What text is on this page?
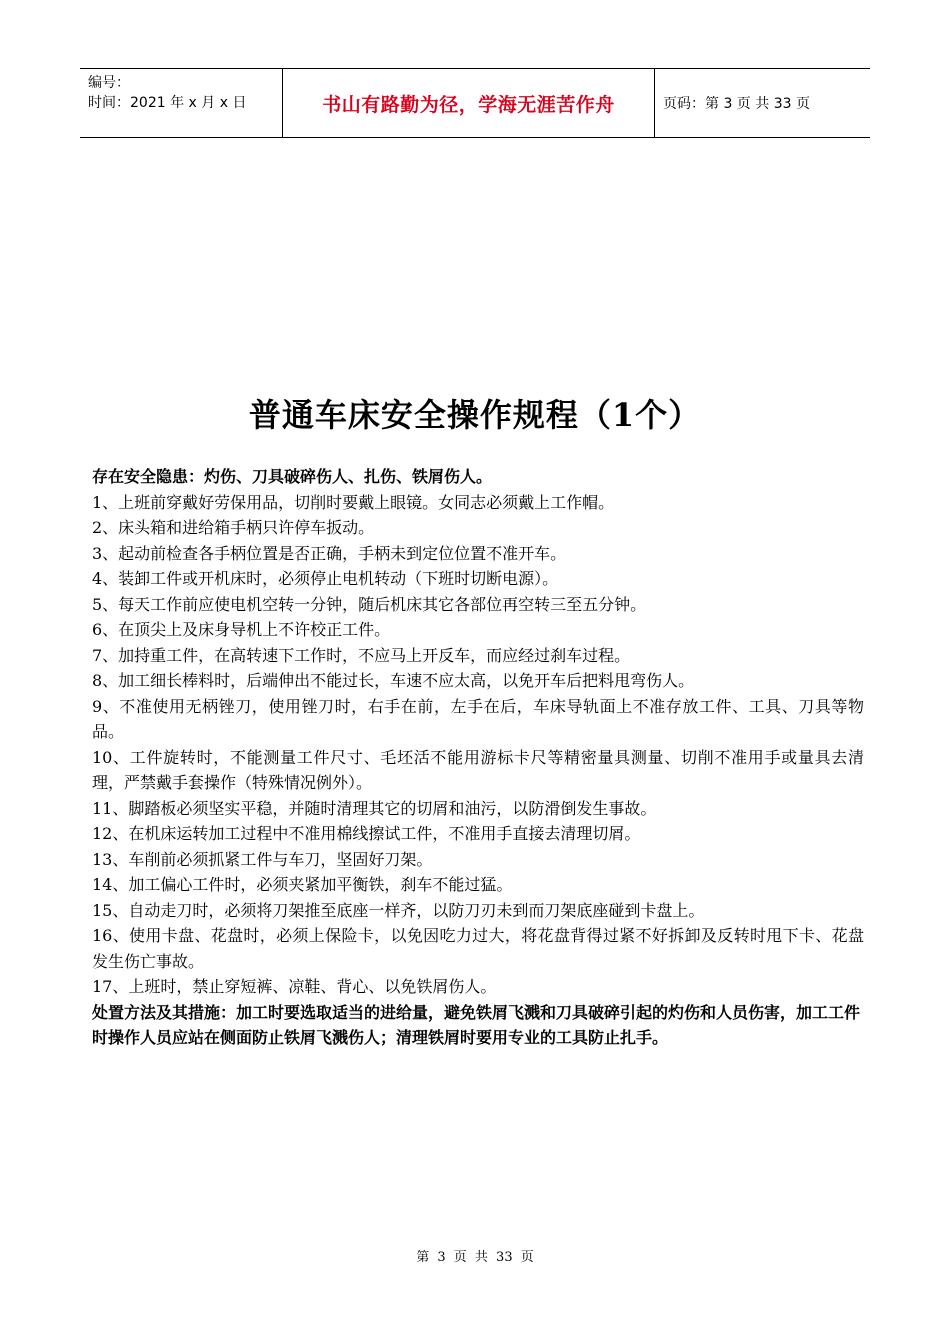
编号：
时间：2021 年 x 月 x 日	书山有路勤为径，学海无涯苦作舟	页码：第 3 页 共 33 页
普通车床安全操作规程（1个）

存在安全隐患：灼伤、刀具破碎伤人、扎伤、铁屑伤人。

1、上班前穿戴好劳保用品，切削时要戴上眼镜。女同志必须戴上工作帽。

2、床头箱和进给箱手柄只许停车扳动。

3、起动前检查各手柄位置是否正确，手柄未到定位位置不准开车。

4、装卸工件或开机床时，必须停止电机转动（下班时切断电源）。

5、每天工作前应使电机空转一分钟，随后机床其它各部位再空转三至五分钟。

6、在顶尖上及床身导机上不许校正工件。

7、加持重工件，在高转速下工作时，不应马上开反车，而应经过刹车过程。

8、加工细长棒料时，后端伸出不能过长，车速不应太高，以免开车后把料甩弯伤人。

9、不准使用无柄锉刀，使用锉刀时，右手在前，左手在后，车床导轨面上不准存放工件、工具、刀具等物品。

10、工件旋转时，不能测量工件尺寸、毛坯活不能用游标卡尺等精密量具测量、切削不准用手或量具去清理，严禁戴手套操作（特殊情况例外）。

11、脚踏板必须坚实平稳，并随时清理其它的切屑和油污，以防滑倒发生事故。

12、在机床运转加工过程中不准用棉线擦试工件，不准用手直接去清理切屑。

13、车削前必须抓紧工件与车刀，坚固好刀架。

14、加工偏心工件时，必须夹紧加平衡铁，刹车不能过猛。

15、自动走刀时，必须将刀架推至底座一样齐，以防刀刃未到而刀架底座碰到卡盘上。

16、使用卡盘、花盘时，必须上保险卡，以免因吃力过大，将花盘背得过紧不好拆卸及反转时甩下卡、花盘发生伤亡事故。

17、上班时，禁止穿短裤、凉鞋、背心、以免铁屑伤人。

处置方法及其措施：加工时要选取适当的进给量，避免铁屑飞溅和刀具破碎引起的灼伤和人员伤害，加工工件时操作人员应站在侧面防止铁屑飞溅伤人；清理铁屑时要用专业的工具防止扎手。

第 3 页 共 33 页
